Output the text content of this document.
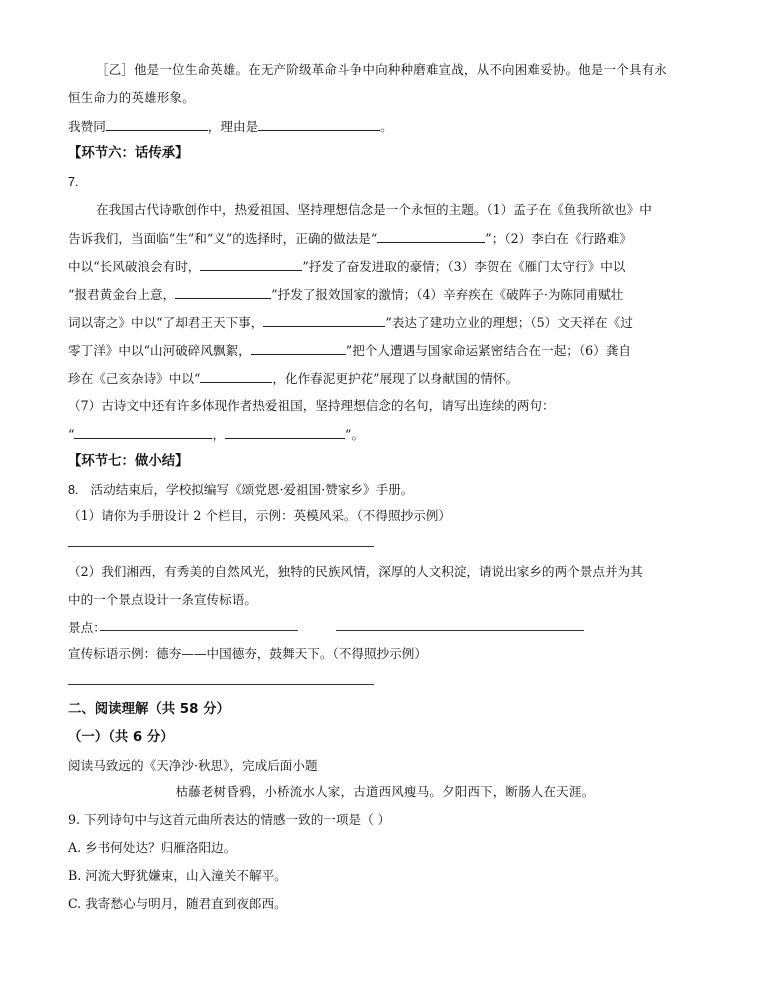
［乙］他是一位生命英雄。在无产阶级革命斗争中向种种磨难宣战，从不向困难妥协。他是一个具有永
恒生命力的英雄形象。
我赞同	，理由是	。
【环节六：话传承】
7.
在我国古代诗歌创作中，热爱祖国、坚持理想信念是一个永恒的主题。（1）孟子在《鱼我所欲也》中
告诉我们，当面临“生”和“义”的选择时，正确的做法是“	”；（2）李白在《行路难》
中以“长风破浪会有时，	”抒发了奋发进取的豪情；（3）李贺在《雁门太守行》中以
“报君黄金台上意，	”抒发了报效国家的激情；（4）辛弃疾在《破阵子·为陈同甫赋壮
词以寄之》中以“了却君王天下事，	”表达了建功立业的理想；（5）文天祥在《过
零丁洋》中以“山河破碎风飘絮，	”把个人遭遇与国家命运紧密结合在一起；（6）龚自
珍在《己亥杂诗》中以“	，化作春泥更护花”展现了以身献国的情怀。
（7）古诗文中还有许多体现作者热爱祖国，坚持理想信念的名句，请写出连续的两句：
“	，	”。
【环节七：做小结】
8. 活动结束后，学校拟编写《颂党恩·爱祖国·赞家乡》手册。
（1）请你为手册设计 2 个栏目，示例：英模风采。（不得照抄示例）
（2）我们湘西，有秀美的自然风光，独特的民族风情，深厚的人文积淀，请说出家乡的两个景点并为其
中的一个景点设计一条宣传标语。
景点：
宣传标语示例：德夯——中国德夯，鼓舞天下。（不得照抄示例）
二、阅读理解（共 58 分）
（一）（共 6 分）
阅读马致远的《天净沙·秋思》，完成后面小题
枯藤老树昏鸦，小桥流水人家，古道西风瘦马。夕阳西下，断肠人在天涯。
9. 下列诗句中与这首元曲所表达的情感一致的一项是（ ）
A. 乡书何处达？归雁洛阳边。
B. 河流大野犹嫌束，山入潼关不解平。
C. 我寄愁心与明月，随君直到夜郎西。
